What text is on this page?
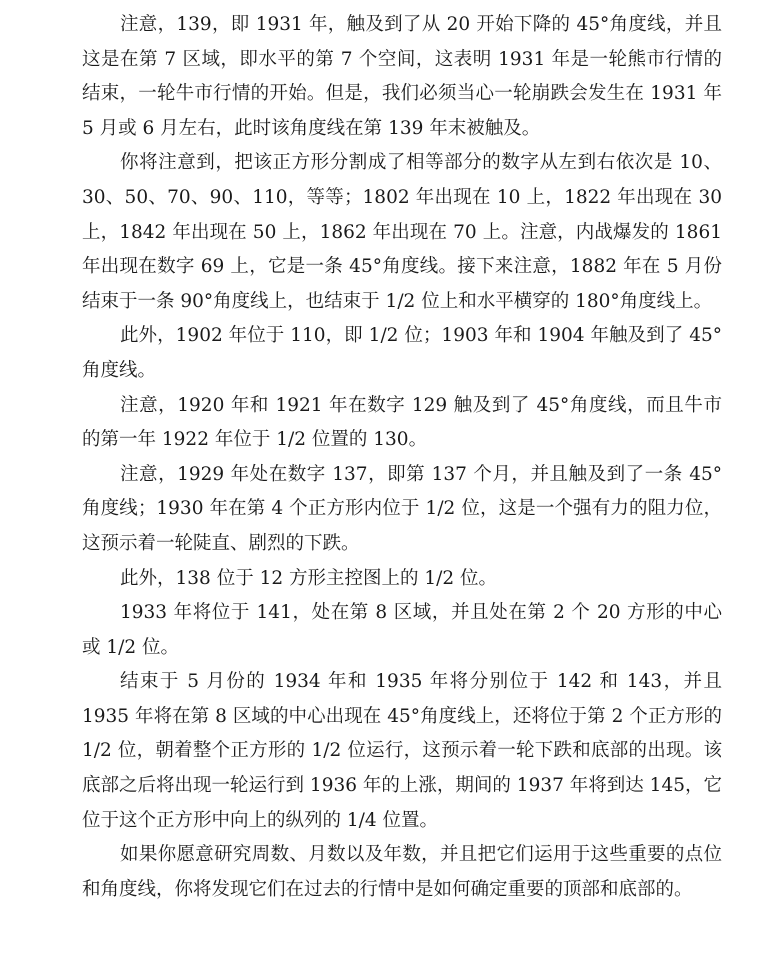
注意，139，即 1931 年，触及到了从 20 开始下降的 45°角度线，并且这是在第 7 区域，即水平的第 7 个空间，这表明 1931 年是一轮熊市行情的结束，一轮牛市行情的开始。但是，我们必须当心一轮崩跌会发生在 1931 年 5 月或 6 月左右，此时该角度线在第 139 年末被触及。

你将注意到，把该正方形分割成了相等部分的数字从左到右依次是 10、30、50、70、90、110，等等；1802 年出现在 10 上，1822 年出现在 30 上，1842 年出现在 50 上，1862 年出现在 70 上。注意，内战爆发的 1861 年出现在数字 69 上，它是一条 45°角度线。接下来注意，1882 年在 5 月份结束于一条 90°角度线上，也结束于 1/2 位上和水平横穿的 180°角度线上。

此外，1902 年位于 110，即 1/2 位；1903 年和 1904 年触及到了 45°角度线。

注意，1920 年和 1921 年在数字 129 触及到了 45°角度线，而且牛市的第一年 1922 年位于 1/2 位置的 130。

注意，1929 年处在数字 137，即第 137 个月，并且触及到了一条 45°角度线；1930 年在第 4 个正方形内位于 1/2 位，这是一个强有力的阻力位，这预示着一轮陡直、剧烈的下跌。

此外，138 位于 12 方形主控图上的 1/2 位。

1933 年将位于 141，处在第 8 区域，并且处在第 2 个 20 方形的中心或 1/2 位。

结束于 5 月份的 1934 年和 1935 年将分别位于 142 和 143，并且 1935 年将在第 8 区域的中心出现在 45°角度线上，还将位于第 2 个正方形的 1/2 位，朝着整个正方形的 1/2 位运行，这预示着一轮下跌和底部的出现。该底部之后将出现一轮运行到 1936 年的上涨，期间的 1937 年将到达 145，它位于这个正方形中向上的纵列的 1/4 位置。

如果你愿意研究周数、月数以及年数，并且把它们运用于这些重要的点位和角度线，你将发现它们在过去的行情中是如何确定重要的顶部和底部的。
